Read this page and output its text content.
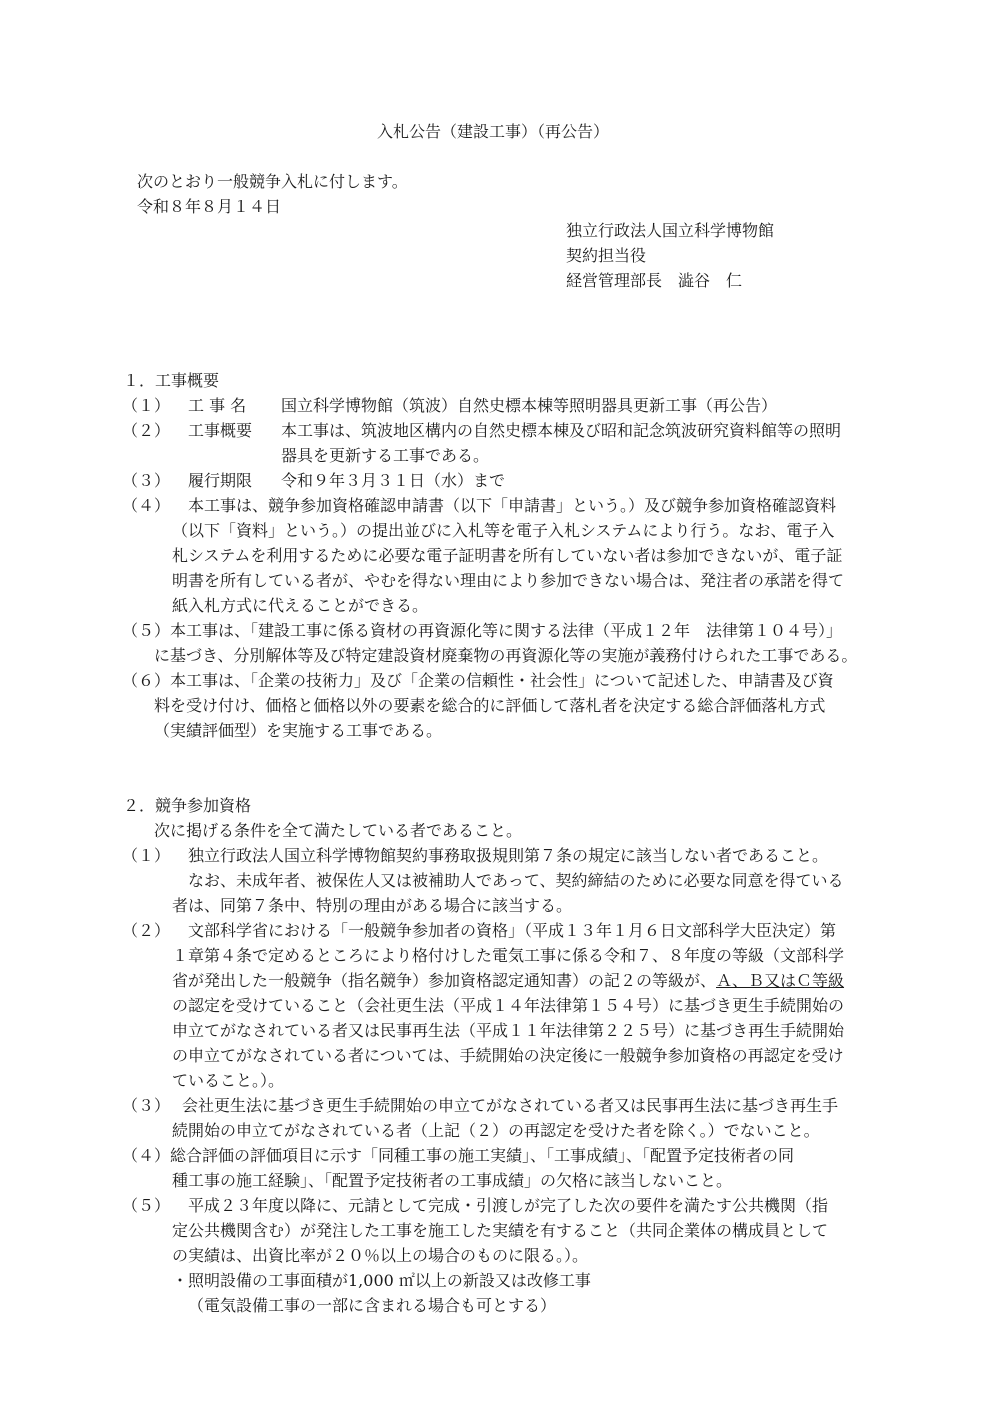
入札公告（建設工事）（再公告）
次のとおり一般競争入札に付します。
令和８年８月１４日
独立行政法人国立科学博物館
契約担当役
経営管理部長　澁谷　仁
１．工事概要
（１） 工 事 名 国立科学博物館（筑波）自然史標本棟等照明器具更新工事（再公告）
（２） 工事概要 本工事は、筑波地区構内の自然史標本棟及び昭和記念筑波研究資料館等の照明
器具を更新する工事である。
（３） 履行期限 令和９年３月３１日（水）まで
（４） 本工事は、競争参加資格確認申請書（以下「申請書」という。）及び競争参加資格確認資料
（以下「資料」という。）の提出並びに入札等を電子入札システムにより行う。なお、電子入
札システムを利用するために必要な電子証明書を所有していない者は参加できないが、電子証
明書を所有している者が、やむを得ない理由により参加できない場合は、発注者の承諾を得て
紙入札方式に代えることができる。
（５）本工事は、「建設工事に係る資材の再資源化等に関する法律（平成１２年　法律第１０４号）」
に基づき、分別解体等及び特定建設資材廃棄物の再資源化等の実施が義務付けられた工事である。
（６）本工事は、「企業の技術力」及び「企業の信頼性・社会性」について記述した、申請書及び資
料を受け付け、価格と価格以外の要素を総合的に評価して落札者を決定する総合評価落札方式
（実績評価型）を実施する工事である。
２．競争参加資格
次に掲げる条件を全て満たしている者であること。
（１） 独立行政法人国立科学博物館契約事務取扱規則第７条の規定に該当しない者であること。
なお、未成年者、被保佐人又は被補助人であって、契約締結のために必要な同意を得ている
者は、同第７条中、特別の理由がある場合に該当する。
（２） 文部科学省における「一般競争参加者の資格」（平成１３年１月６日文部科学大臣決定）第
１章第４条で定めるところにより格付けした電気工事に係る令和７、８年度の等級（文部科学
省が発出した一般競争（指名競争）参加資格認定通知書）の記２の等級が、Ａ、Ｂ又はＣ等級
の認定を受けていること（会社更生法（平成１４年法律第１５４号）に基づき更生手続開始の
申立てがなされている者又は民事再生法（平成１１年法律第２２５号）に基づき再生手続開始
の申立てがなされている者については、手続開始の決定後に一般競争参加資格の再認定を受け
ていること。）。
（３） 会社更生法に基づき更生手続開始の申立てがなされている者又は民事再生法に基づき再生手
続開始の申立てがなされている者（上記（２）の再認定を受けた者を除く。）でないこと。
（４）総合評価の評価項目に示す「同種工事の施工実績」、「工事成績」、「配置予定技術者の同
種工事の施工経験」、「配置予定技術者の工事成績」の欠格に該当しないこと。
（５） 平成２３年度以降に、元請として完成・引渡しが完了した次の要件を満たす公共機関（指
定公共機関含む）が発注した工事を施工した実績を有すること（共同企業体の構成員として
の実績は、出資比率が２０％以上の場合のものに限る。）。
・照明設備の工事面積が1,000 ㎡以上の新設又は改修工事
（電気設備工事の一部に含まれる場合も可とする）
